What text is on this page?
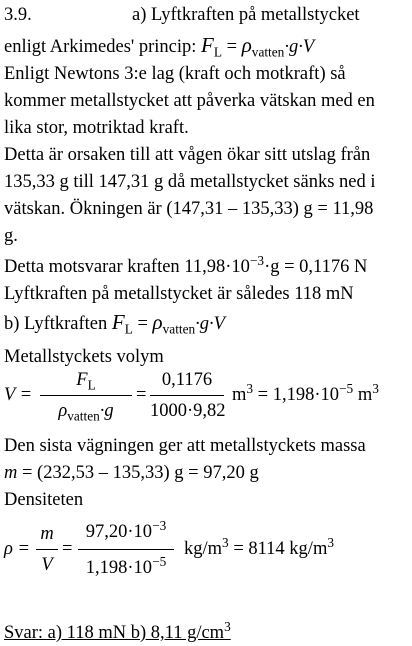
3.9.	a) Lyftkraften på metallstycket
enligt Arkimedes' princip: $F_L = \rho_{vatten}\cdot g\cdot V$
Enligt Newtons 3:e lag (kraft och motkraft) så
kommer metallstycket att påverka vätskan med en
lika stor, motriktad kraft.
Detta är orsaken till att vågen ökar sitt utslag från
135,33 g till 147,31 g då metallstycket sänks ned i
vätskan. Ökningen är (147,31 – 135,33) g = 11,98
g.
Detta motsvarar kraften $11,98\cdot 10^{-3}\cdot g = 0,1176$ N
Lyftkraften på metallstycket är således 118 mN
b) Lyftkraften $F_L = \rho_{vatten}\cdot g\cdot V$
Metallstyckets volym
V =
$F_L$
$\rho_{vatten}\cdot g$
=
0,1176
1000·9,82
$m^3 = 1,198\cdot 10^{-5}$ $m^3$
Den sista vägningen ger att metallstyckets massa
m = (232,53 – 135,33) g = 97,20 g
Densiteten
ρ =
m
V
=
$97,20\cdot 10^{-3}$
$1,198\cdot 10^{-5}$
$kg/m^3 = 8114$ $kg/m^3$
Svar: a) 118 mN b) 8,11 $g/cm^3$
